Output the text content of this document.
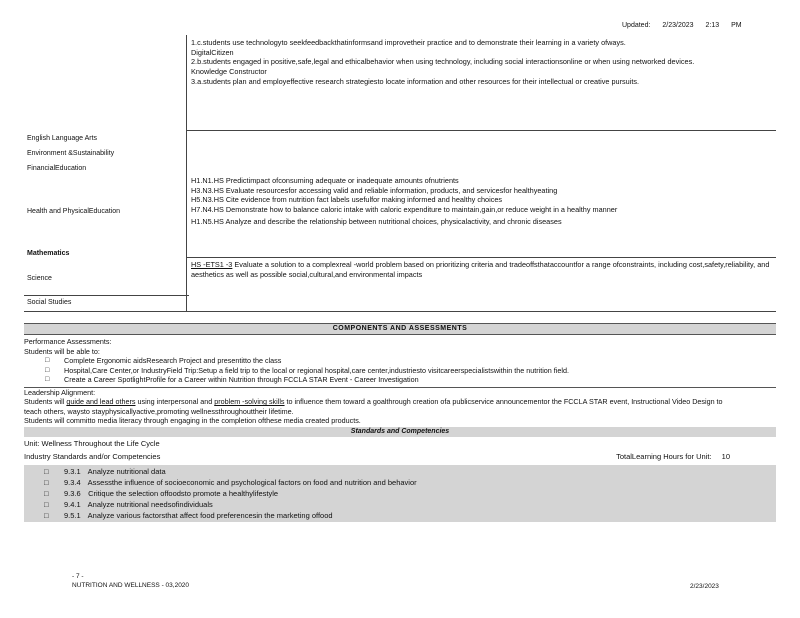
Updated: 2/23/2023 2:13 PM

1.c.students use technologyto seekfeedbackthatinformsand improvetheir practice and to demonstrate their learning in a variety ofways.

DigitalCitizen

2.b.students engaged in positive,safe,legal and ethicalbehavior when using technology, including social interactionsonline or when using networked devices.

Knowledge Constructor

3.a.students plan and employeffective research strategiesto locate information and other resources for their intellectual or creative pursuits.

English Language Arts
Environment &Sustainability
FinancialEducation

H1.N1.HS Predictimpact ofconsuming adequate or inadequate amounts ofnutrients

H3.N3.HS Evaluate resourcesfor accessing valid and reliable information, products, and servicesfor healthyeating

H5.N3.HS Cite evidence from nutrition fact labels usefulfor making informed and healthy choices

H7.N4.HS Demonstrate how to balance caloric intake with caloric expenditure to maintain,gain,or reduce weight in a healthy manner

H1.N5.HS Analyze and describe the relationship between nutritional choices, physicalactivity, and chronic diseases

Health and PhysicalEducation
Mathematics

HS -ETS1 -3 Evaluate a solution to a complexreal -world problem based on prioritizing criteria and tradeoffsthataccountfor a range ofconstraints, including cost,safety,reliability, and aesthetics as well as possible social,cultural,and environmental impacts

Science
Social Studies
COMPONENTS AND ASSESSMENTS
Performance Assessments:
Students will be able to:
□ Complete Ergonomic aidsResearch Project and presentitto the class
□ Hospital,Care Center,or IndustryField Trip:Setup a field trip to the local or regional hospital,care center,industriesto visitcareerspecialistswithin the nutrition field.
□ Create a Career SpotlightProfile for a Career within Nutrition through FCCLA STAR Event - Career Investigation
Leadership Alignment:
Students will guide and lead others using interpersonal and problem -solving skills to influence them toward a goalthrough creation ofa publicservice announcementor the FCCLA STAR event, Instructional Video Design to teach others, waysto stayphysicallyactive,promoting wellnessthroughouttheir lifetime.
Students will committo media literacy through engaging in the completion ofthese media created products.
Standards and Competencies
Unit: Wellness Throughout the Life Cycle
Industry Standards and/or Competencies	TotalLearning Hours for Unit: 10
□ 9.3.1 Analyze nutritional data
□ 9.3.4 Assessthe influence of socioeconomic and psychological factors on food and nutrition and behavior
□ 9.3.6 Critique the selection offoodsto promote a healthylifestyle
□ 9.4.1 Analyze nutritional needsofindividuals
□ 9.5.1 Analyze various factorsthat affect food preferencesin the marketing offood
- 7 -
NUTRITION AND WELLNESS - 03,2020	2/23/2023
